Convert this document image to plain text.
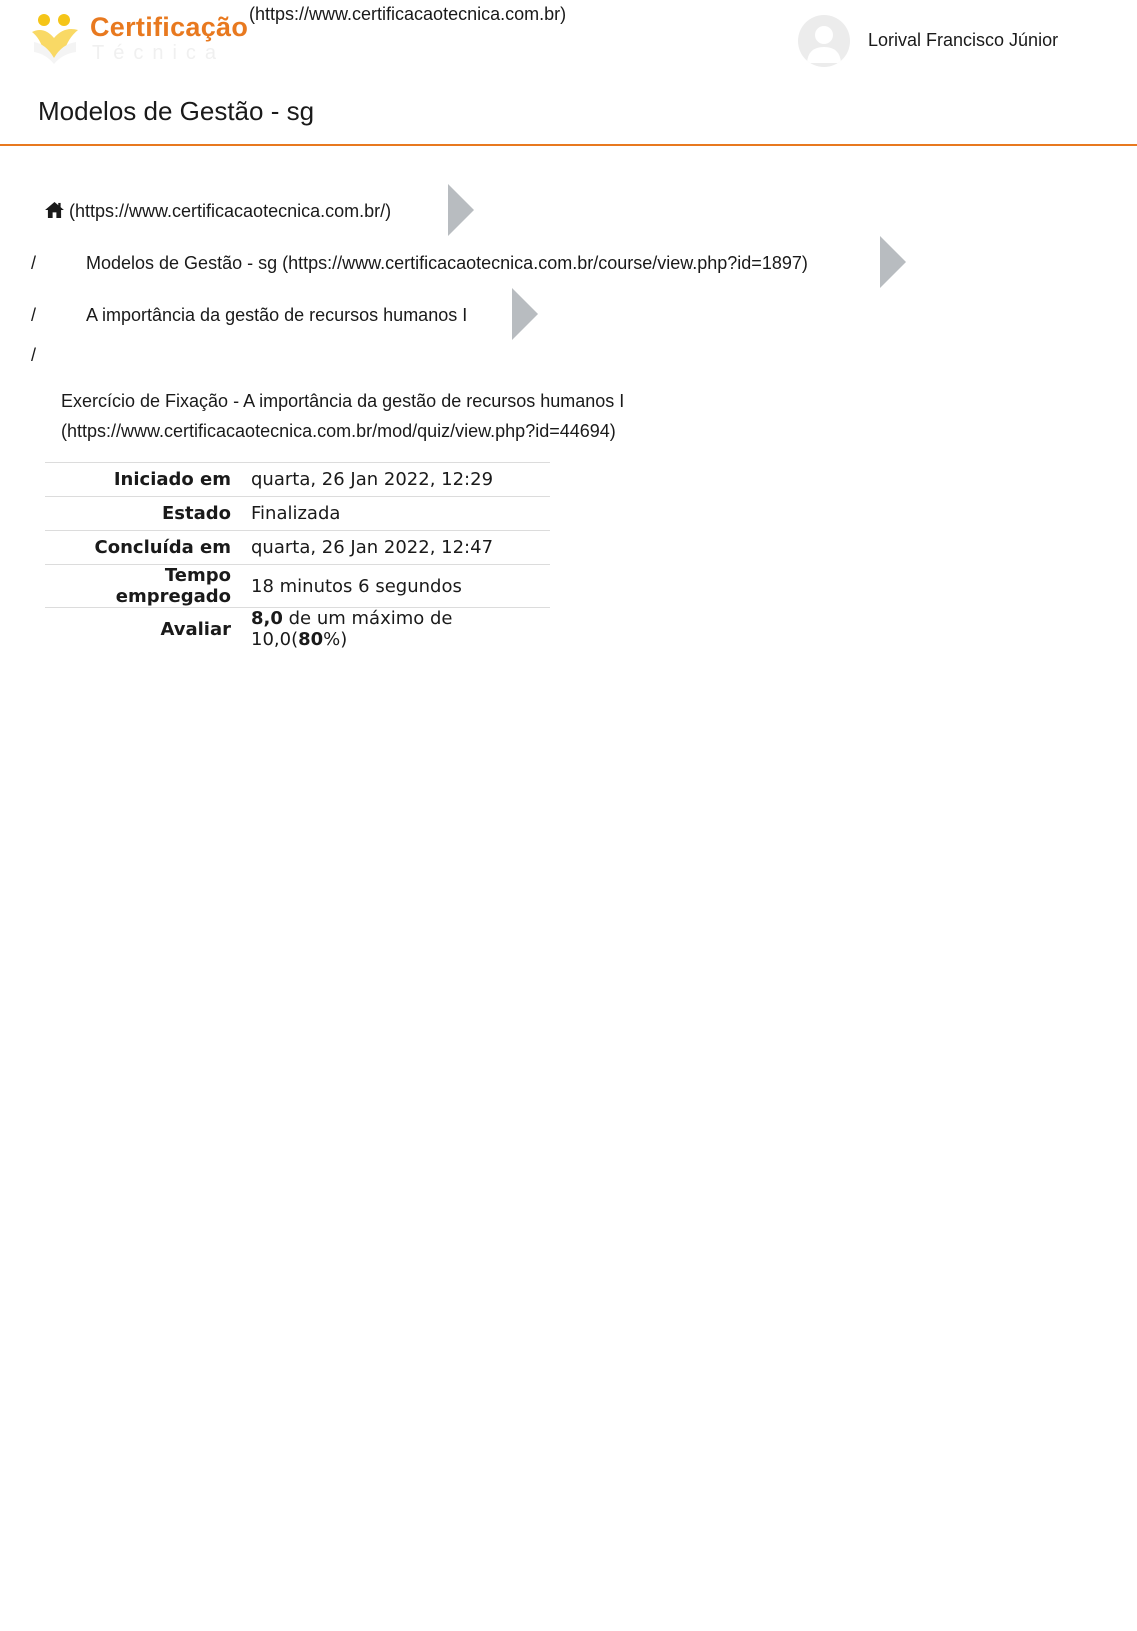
Certificação
Técnica
(https://www.certificacaotecnica.com.br)
Lorival Francisco Júnior
Modelos de Gestão - sg
(https://www.certificacaotecnica.com.br/)
/	Modelos de Gestão - sg (https://www.certificacaotecnica.com.br/course/view.php?id=1897)
/	A importância da gestão de recursos humanos I
/
Exercício de Fixação - A importância da gestão de recursos humanos I
(https://www.certificacaotecnica.com.br/mod/quiz/view.php?id=44694)
Iniciado em	quarta, 26 Jan 2022, 12:29
Estado	Finalizada
Concluída em	quarta, 26 Jan 2022, 12:47
Tempo empregado	18 minutos 6 segundos
Avaliar	8,0 de um máximo de 10,0(80%)
